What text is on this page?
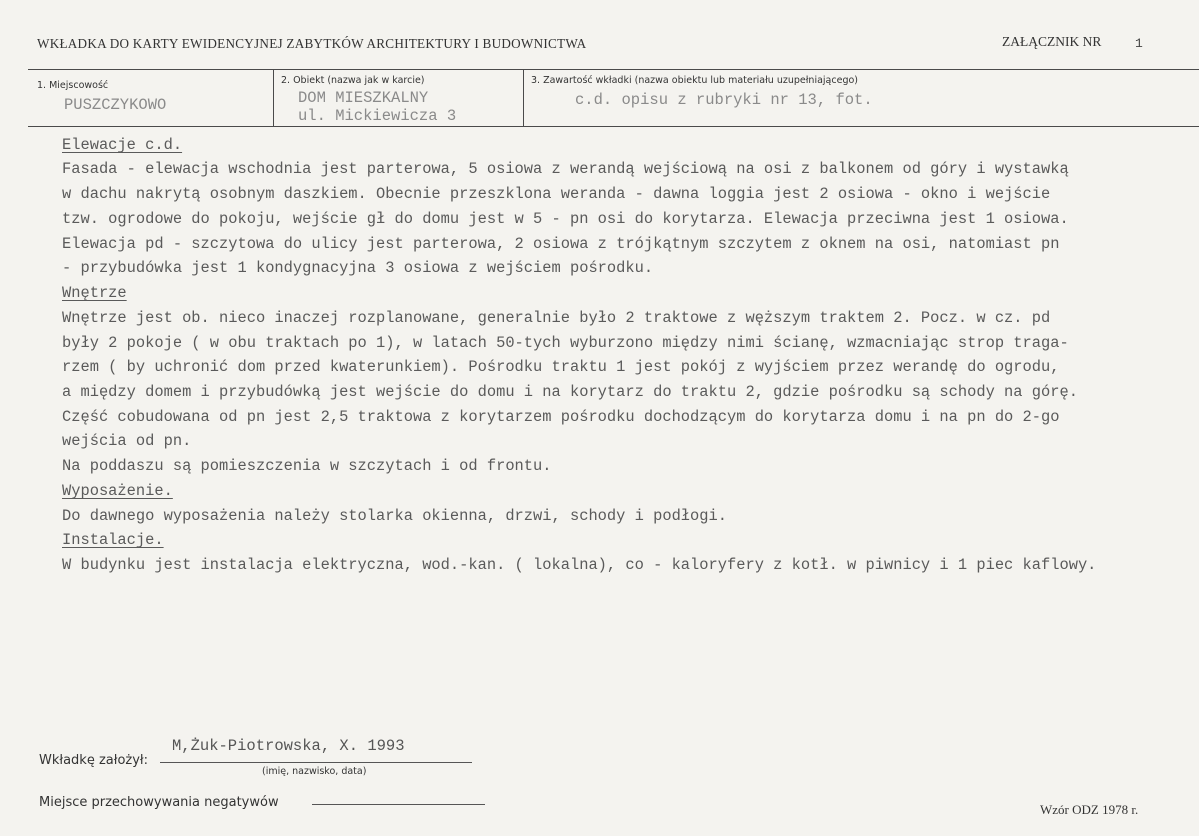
WKŁADKA DO KARTY EWIDENCYJNEJ ZABYTKÓW ARCHITEKTURY I BUDOWNICTWA	ZAŁĄCZNIK NR	1
1. Miejscowość
PUSZCZYKOWO
2. Obiekt (nazwa jak w karcie)
DOM MIESZKALNY
ul. Mickiewicza 3
3. Zawartość wkładki (nazwa obiektu lub materiału uzupełniającego)
c.d. opisu z rubryki nr 13, fot.
Elewacje c.d.
Fasada - elewacja wschodnia jest parterowa, 5 osiowa z werandą wejściową na osi z balkonem od góry i wystawką
w dachu nakrytą osobnym daszkiem. Obecnie przeszklona weranda - dawna loggia jest 2 osiowa - okno i wejście
tzw. ogrodowe do pokoju, wejście gł do domu jest w 5 - pn osi do korytarza. Elewacja przeciwna jest 1 osiowa.
Elewacja pd - szczytowa do ulicy jest parterowa, 2 osiowa z trójkątnym szczytem z oknem na osi, natomiast pn
- przybudówka jest 1 kondygnacyjna 3 osiowa z wejściem pośrodku.
Wnętrze
Wnętrze jest ob. nieco inaczej rozplanowane, generalnie było 2 traktowe z węższym traktem 2. Pocz. w cz. pd
były 2 pokoje ( w obu traktach po 1), w latach 50-tych wyburzono między nimi ścianę, wzmacniając strop traga-
rzem ( by uchronić dom przed kwaterunkiem). Pośrodku traktu 1 jest pokój z wyjściem przez werandę do ogrodu,
a między domem i przybudówką jest wejście do domu i na korytarz do traktu 2, gdzie pośrodku są schody na górę.
Część cobudowana od pn jest 2,5 traktowa z korytarzem pośrodku dochodzącym do korytarza domu i na pn do 2-go
wejścia od pn.
Na poddaszu są pomieszczenia w szczytach i od frontu.
Wyposażenie.
Do dawnego wyposażenia należy stolarka okienna, drzwi, schody i podłogi.
Instalacje.
W budynku jest instalacja elektryczna, wod.-kan. ( lokalna), co - kaloryfery z kotł. w piwnicy i 1 piec kaflowy.
Wkładkę założył:
M,Żuk-Piotrowska, X. 1993
(imię, nazwisko, data)
Miejsce przechowywania negatywów	Wzór ODZ 1978 r.
